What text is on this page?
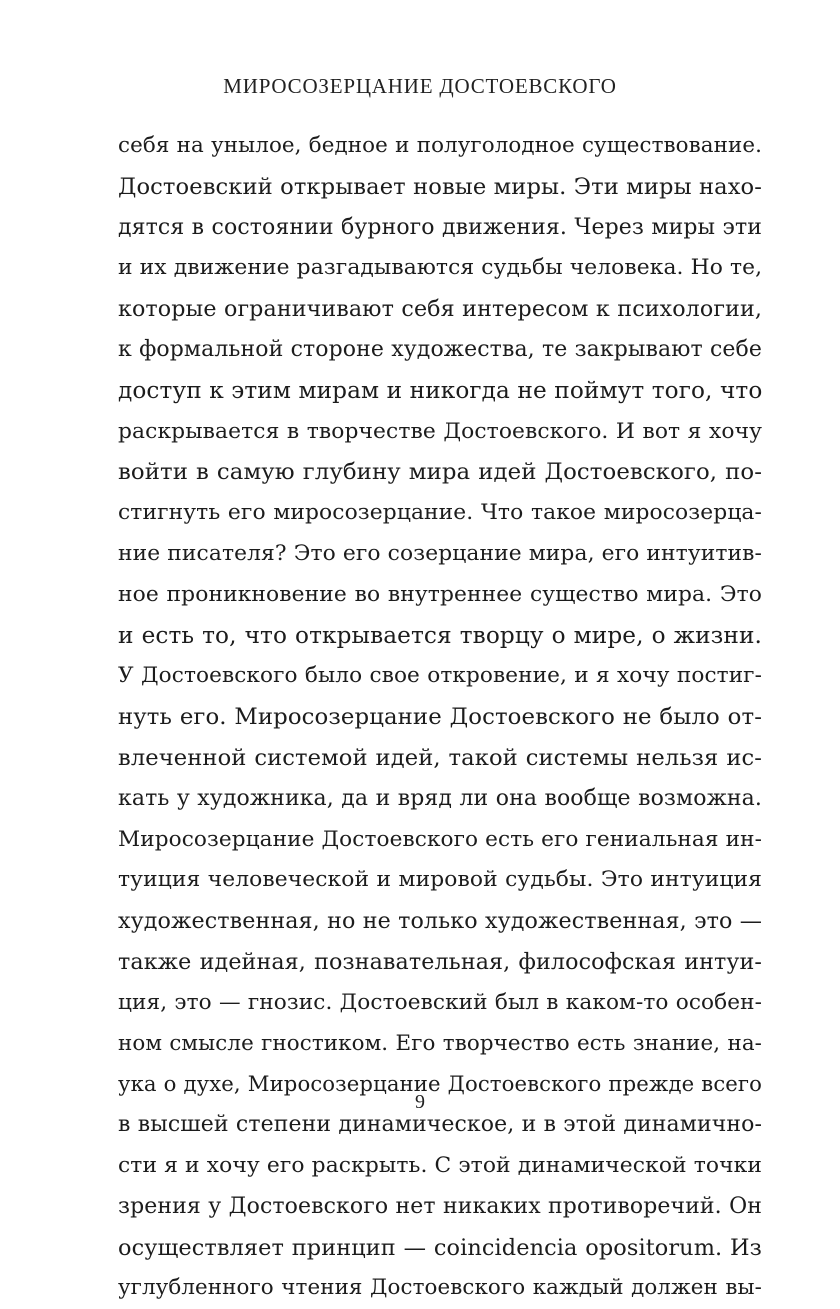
МИРОСОЗЕРЦАНИЕ ДОСТОЕВСКОГО
себя на унылое, бедное и полуголодное существование.
Достоевский открывает новые миры. Эти миры нахо-
дятся в состоянии бурного движения. Через миры эти
и их движение разгадываются судьбы человека. Но те,
которые ограничивают себя интересом к психологии,
к формальной стороне художества, те закрывают себе
доступ к этим мирам и никогда не поймут того, что
раскрывается в творчестве Достоевского. И вот я хочу
войти в самую глубину мира идей Достоевского, по-
стигнуть его миросозерцание. Что такое миросозерца-
ние писателя? Это его созерцание мира, его интуитив-
ное проникновение во внутреннее существо мира. Это
и есть то, что открывается творцу о мире, о жизни.
У Достоевского было свое откровение, и я хочу постиг-
нуть его. Миросозерцание Достоевского не было от-
влеченной системой идей, такой системы нельзя ис-
кать у художника, да и вряд ли она вообще возможна.
Миросозерцание Достоевского есть его гениальная ин-
туиция человеческой и мировой судьбы. Это интуиция
художественная, но не только художественная, это —
также идейная, познавательная, философская интуи-
ция, это — гнозис. Достоевский был в каком-то особен-
ном смысле гностиком. Его творчество есть знание, на-
ука о духе, Миросозерцание Достоевского прежде всего
в высшей степени динамическое, и в этой динамично-
сти я и хочу его раскрыть. С этой динамической точки
зрения у Достоевского нет никаких противоречий. Он
осуществляет принцип — coincidencia opositorum. Из
углубленного чтения Достоевского каждый должен вы-
9
